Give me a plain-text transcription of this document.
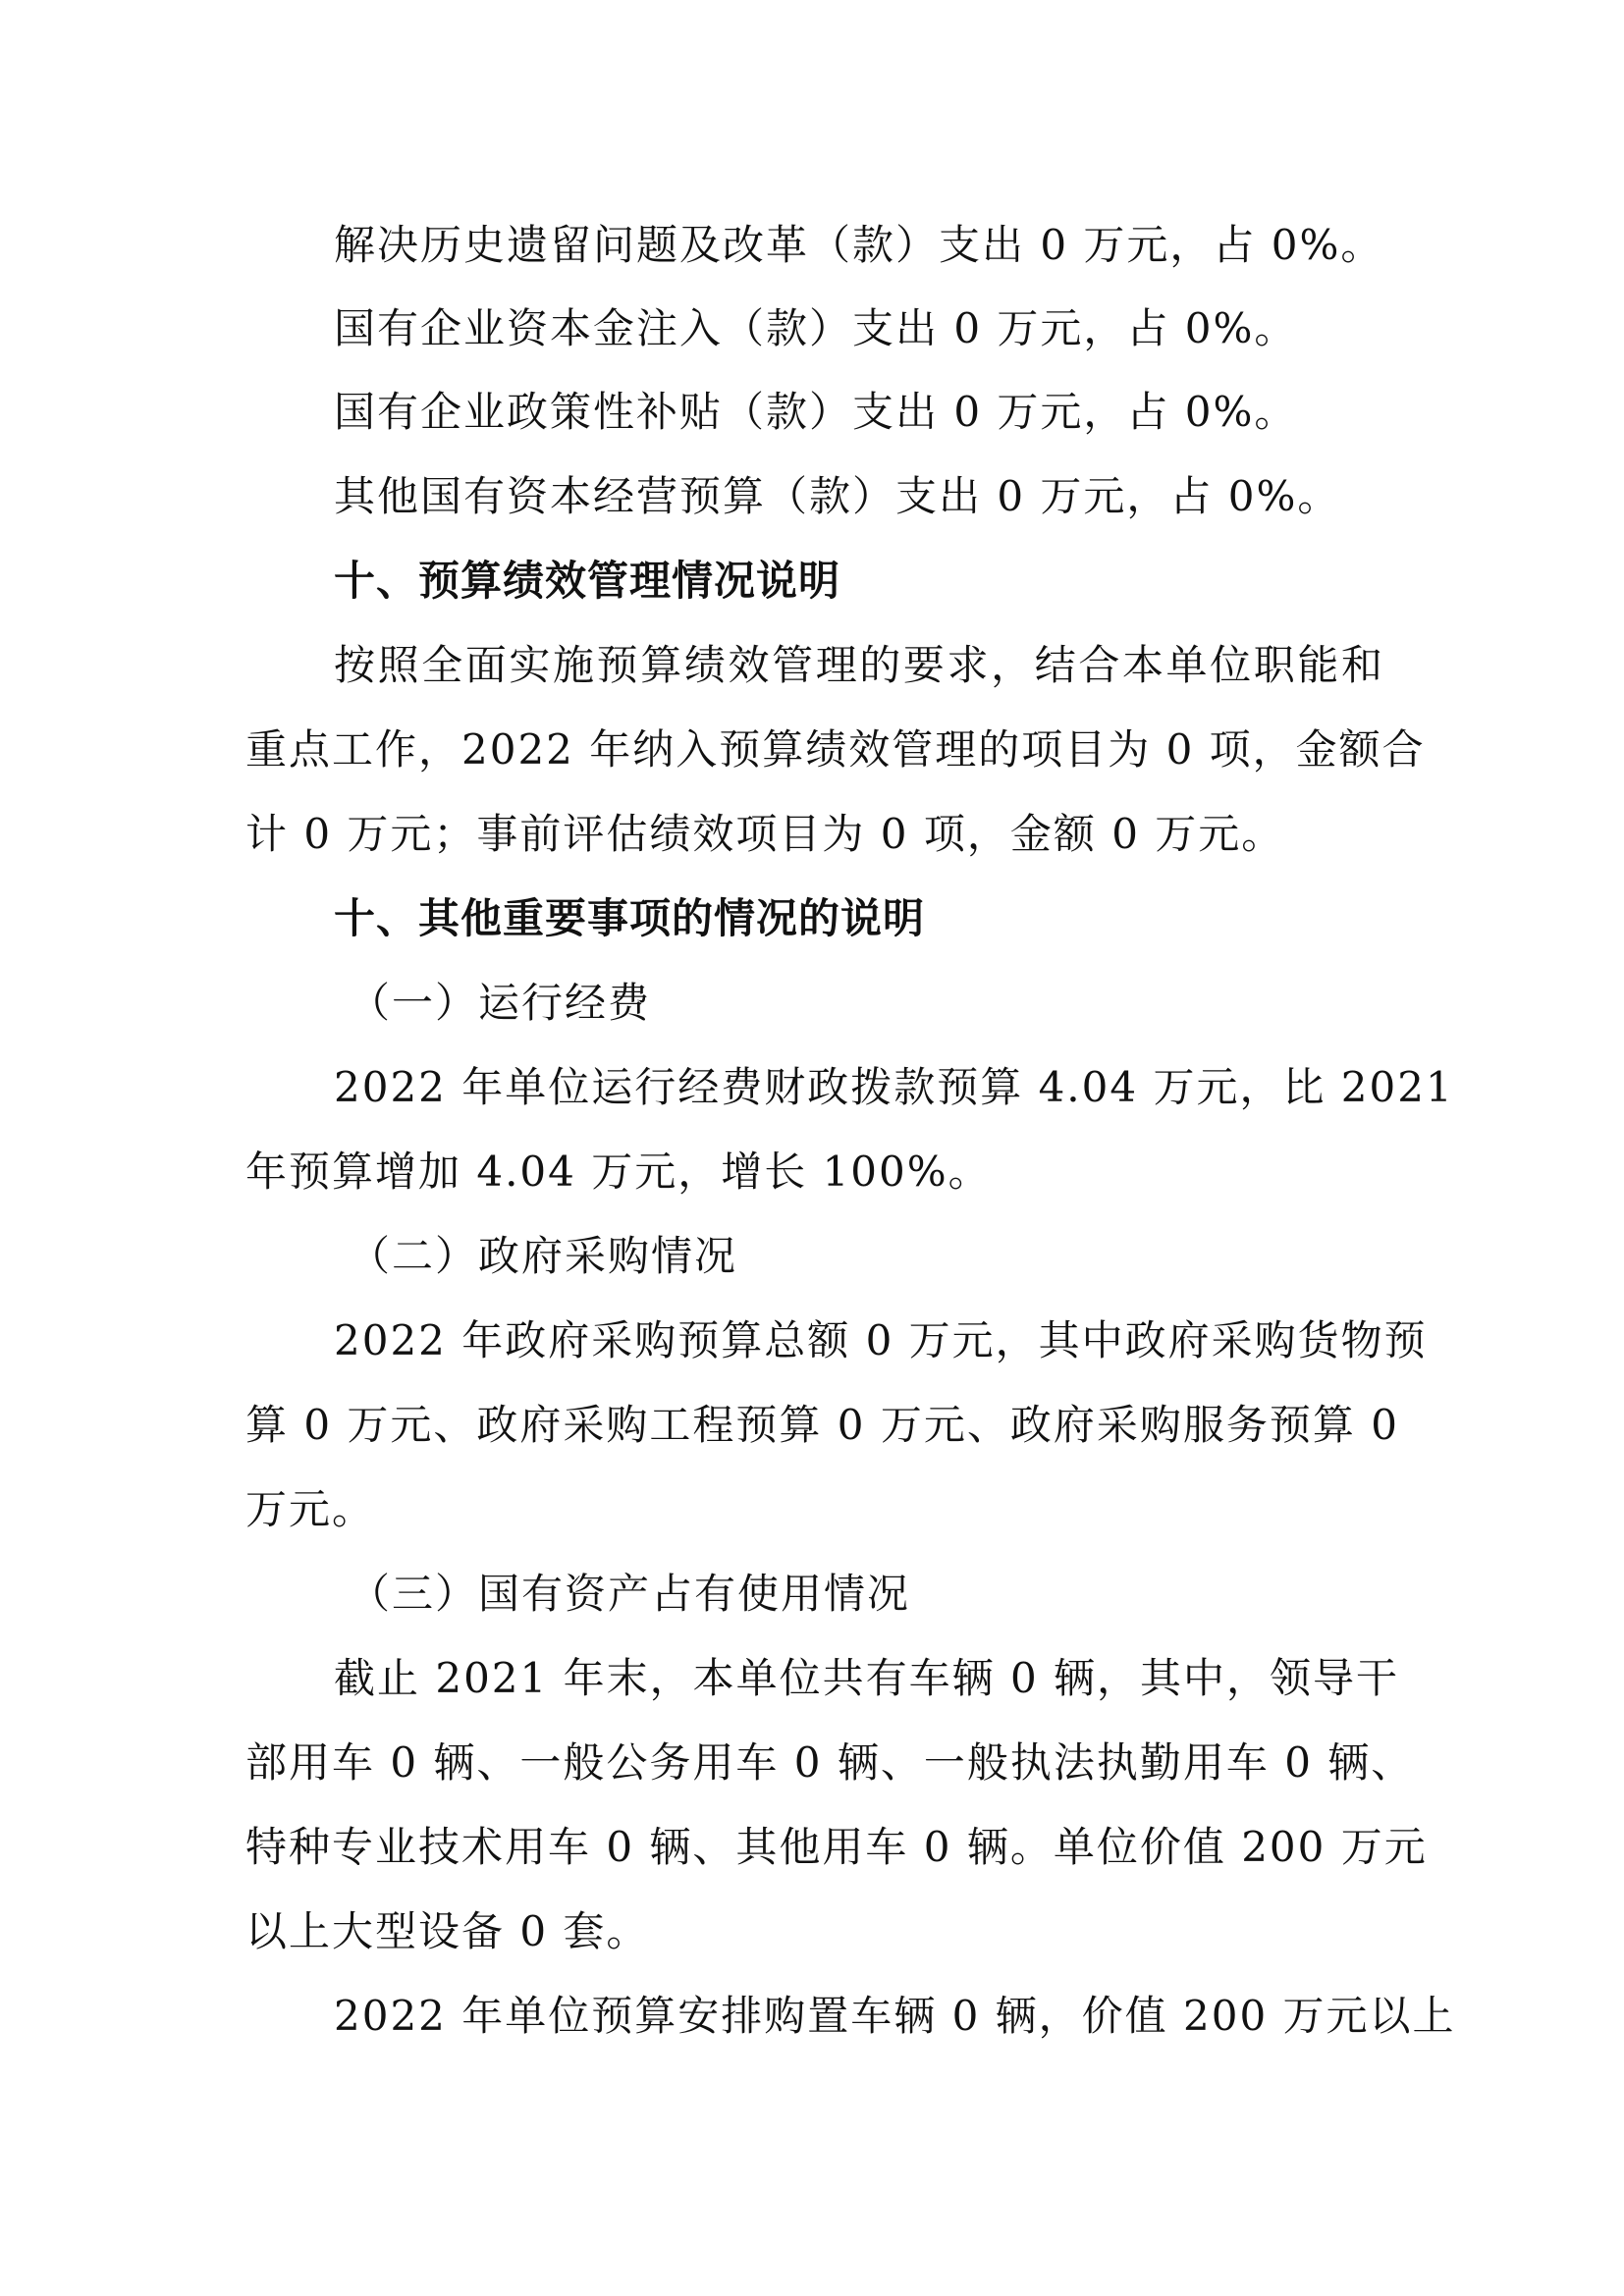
解决历史遗留问题及改革（款）支出 0 万元，占 0%。
国有企业资本金注入（款）支出 0 万元，占 0%。
国有企业政策性补贴（款）支出 0 万元，占 0%。
其他国有资本经营预算（款）支出 0 万元，占 0%。
十、预算绩效管理情况说明
按照全面实施预算绩效管理的要求，结合本单位职能和
重点工作，2022 年纳入预算绩效管理的项目为 0 项，金额合
计 0 万元；事前评估绩效项目为 0 项，金额 0 万元。
十、其他重要事项的情况的说明
（一）运行经费
2022 年单位运行经费财政拨款预算 4.04 万元，比 2021
年预算增加 4.04 万元，增长 100%。
（二）政府采购情况
2022 年政府采购预算总额 0 万元，其中政府采购货物预
算 0 万元、政府采购工程预算 0 万元、政府采购服务预算 0
万元。
（三）国有资产占有使用情况
截止 2021 年末，本单位共有车辆 0 辆，其中，领导干
部用车 0 辆、一般公务用车 0 辆、一般执法执勤用车 0 辆、
特种专业技术用车 0 辆、其他用车 0 辆。单位价值 200 万元
以上大型设备 0 套。
2022 年单位预算安排购置车辆 0 辆，价值 200 万元以上
